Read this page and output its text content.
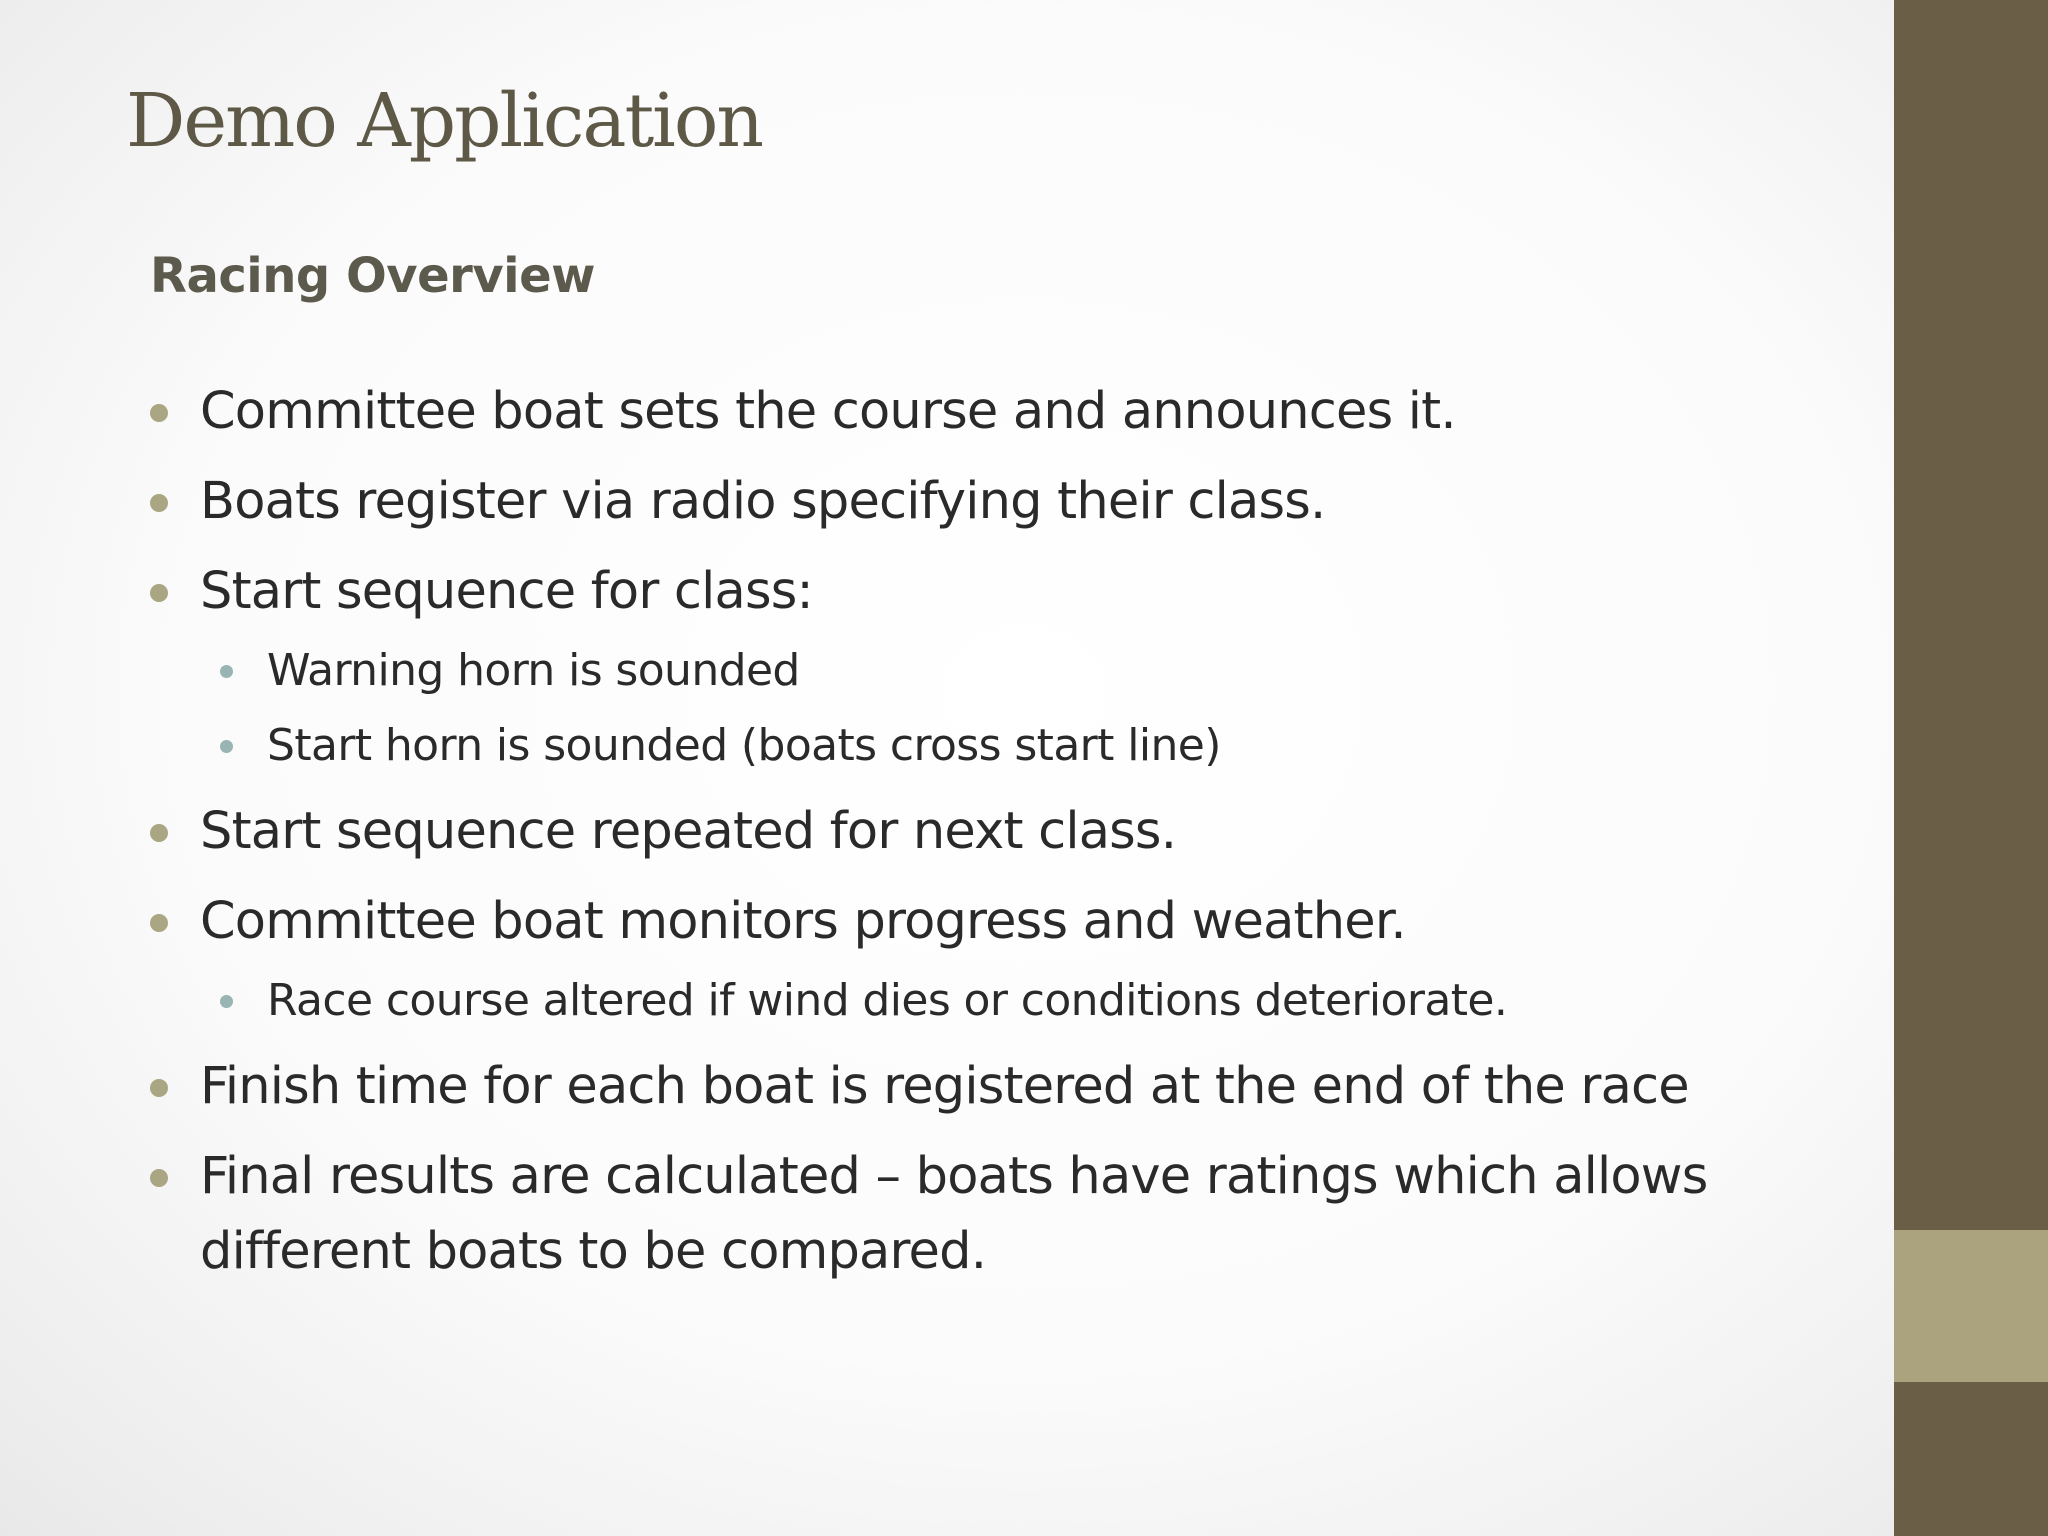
Demo Application
Racing Overview
Committee boat sets the course and announces it.
Boats register via radio specifying their class.
Start sequence for class:
Warning horn is sounded
Start horn is sounded (boats cross start line)
Start sequence repeated for next class.
Committee boat monitors progress and weather.
Race course altered if wind dies or conditions deteriorate.
Finish time for each boat is registered at the end of the race
Final results are calculated – boats have ratings which allows different boats to be compared.
